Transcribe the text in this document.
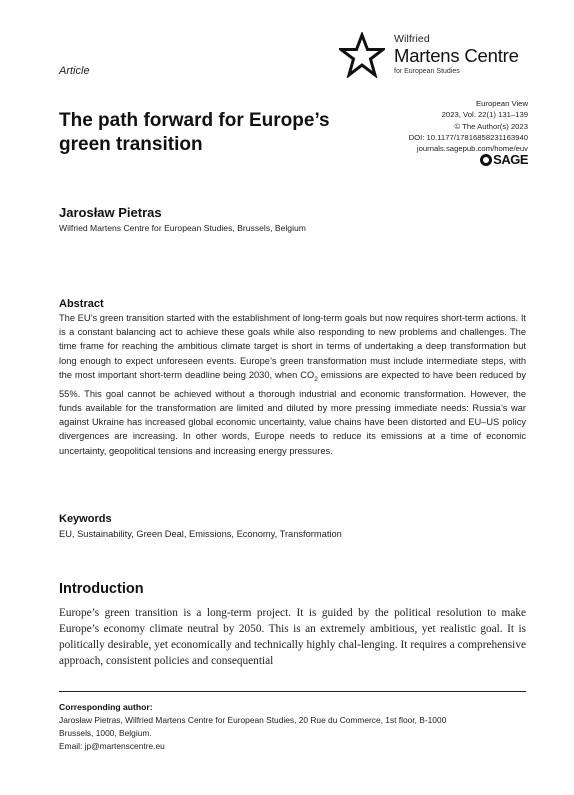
Wilfried
Martens Centre
for European Studies
Article
The path forward for Europe’s green transition
European View
2023, Vol. 22(1) 131–139
© The Author(s) 2023
DOI: 10.1177/17816858231163940
journals.sagepub.com/home/euv
SAGE
Jarosław Pietras
Wilfried Martens Centre for European Studies, Brussels, Belgium
Abstract

The EU’s green transition started with the establishment of long-term goals but now requires short-term actions. It is a constant balancing act to achieve these goals while also responding to new problems and challenges. The time frame for reaching the ambitious climate target is short in terms of undertaking a deep transformation but long enough to expect unforeseen events. Europe’s green transformation must include intermediate steps, with the most important short-term deadline being 2030, when $CO_2$ emissions are expected to have been reduced by 55%. This goal cannot be achieved without a thorough industrial and economic transformation. However, the funds available for the transformation are limited and diluted by more pressing immediate needs: Russia’s war against Ukraine has increased global economic uncertainty, value chains have been distorted and EU–US policy divergences are increasing. In other words, Europe needs to reduce its emissions at a time of economic uncertainty, geopolitical tensions and increasing energy pressures.

Keywords
EU, Sustainability, Green Deal, Emissions, Economy, Transformation
Introduction

Europe’s green transition is a long-term project. It is guided by the political resolution to make Europe’s economy climate neutral by 2050. This is an extremely ambitious, yet realistic goal. It is politically desirable, yet economically and technically highly chal-lenging. It requires a comprehensive approach, consistent policies and consequential

Corresponding author:
Jarosław Pietras, Wilfried Martens Centre for European Studies, 20 Rue du Commerce, 1st floor, B-1000
Brussels, 1000, Belgium.
Email: jp@martenscentre.eu
